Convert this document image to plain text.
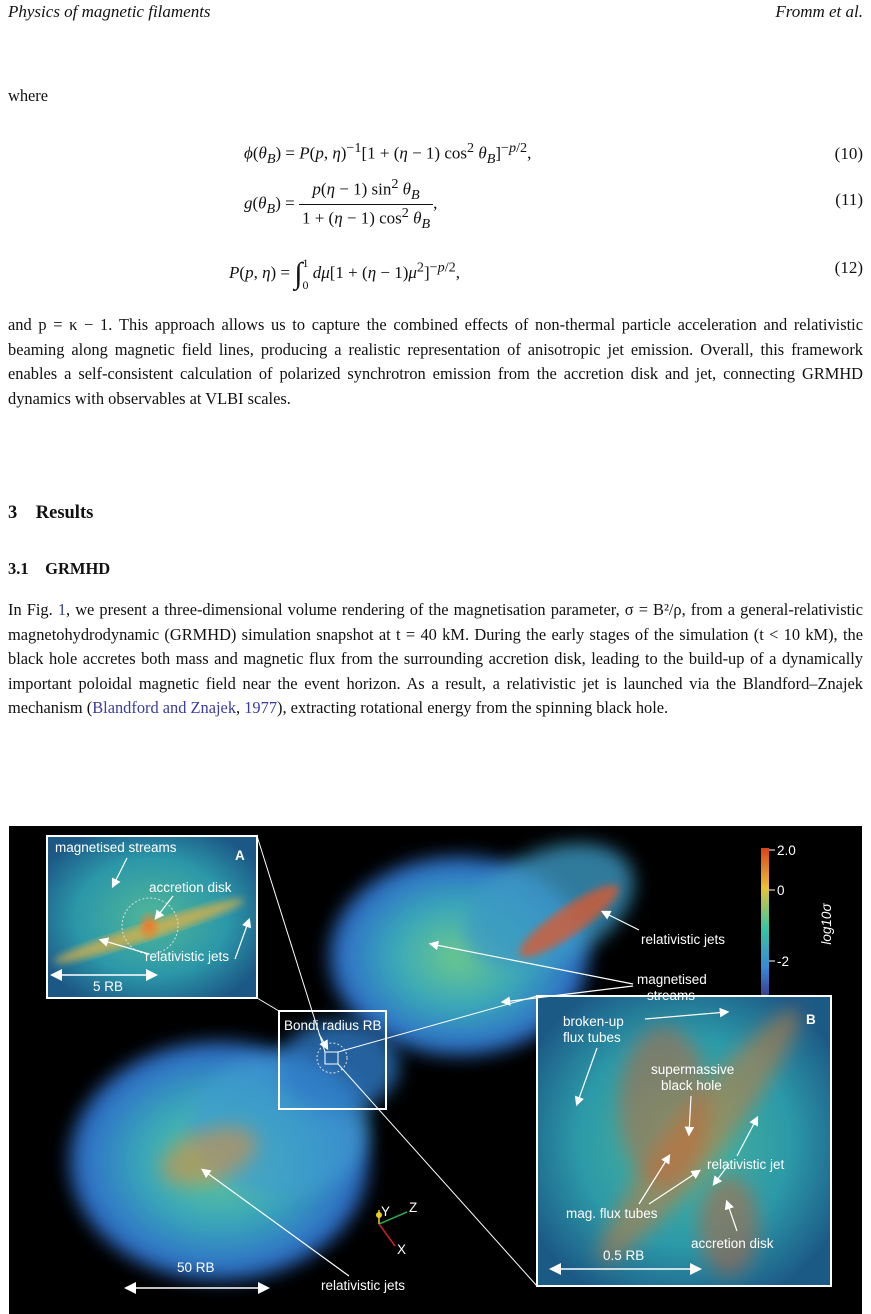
Physics of magnetic filaments	Fromm et al.
where
$\phi(\theta_B) = P(p$, η)$^{-1}$[1 + (η − 1) $\cos^2 \theta_B]^{-p/2}$,	(10)
$g(\theta_B) = \frac{p(\eta - 1) \sin^2 \theta_B}{1 + (\eta - 1) \cos^2 \theta_B}$ ,	(11)
P(p, η) = ∫ 1
0
$d\mu[1 + (\eta - 1)\mu^2]^{-p/2}$,	(12)
and p = κ − 1. This approach allows us to capture the combined effects of non-thermal particle acceleration and relativistic beaming along magnetic field lines, producing a realistic representation of anisotropic jet emission. Overall, this framework enables a self-consistent calculation of polarized synchrotron emission from the accretion disk and jet, connecting GRMHD dynamics with observables at VLBI scales.
3 Results
3.1 GRMHD
In Fig. 1, we present a three-dimensional volume rendering of the magnetisation parameter, σ = B²/ρ, from a general-relativistic magnetohydrodynamic (GRMHD) simulation snapshot at t = 40 kM. During the early stages of the simulation (t < 10 kM), the black hole accretes both mass and magnetic flux from the surrounding accretion disk, leading to the build-up of a dynamically important poloidal magnetic field near the event horizon. As a result, a relativistic jet is launched via the Blandford–Znajek mechanism (Blandford and Znajek, 1977), extracting rotational energy from the spinning black hole.
2.0
0
-2
log10σ
A
magnetised streams
accretion disk
relativistic jets
5 RB
Bondi radius RB	B
broken-up
flux tubes
supermassive
black hole
relativistic jet
mag. flux tubes
accretion disk
0.5 RB
relativistic jets
magnetised
streams
50 RB
relativistic jets
Z
Y
X
